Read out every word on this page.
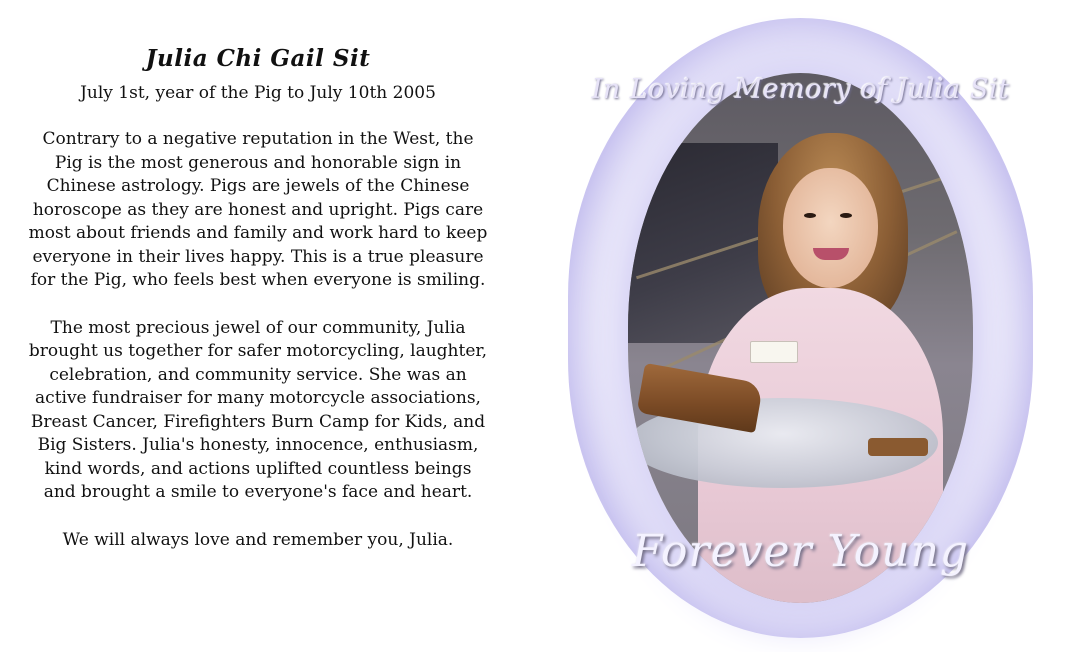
Julia Chi Gail Sit

July 1st, year of the Pig to July 10th 2005

Contrary to a negative reputation in the West, the Pig is the most generous and honorable sign in Chinese astrology. Pigs are jewels of the Chinese horoscope as they are honest and upright. Pigs care most about friends and family and work hard to keep everyone in their lives happy. This is a true pleasure for the Pig, who feels best when everyone is smiling.

The most precious jewel of our community, Julia brought us together for safer motorcycling, laughter, celebration, and community service. She was an active fundraiser for many motorcycle associations, Breast Cancer, Firefighters Burn Camp for Kids, and Big Sisters. Julia's honesty, innocence, enthusiasm, kind words, and actions uplifted countless beings and brought a smile to everyone's face and heart.

We will always love and remember you, Julia.

In Loving Memory of Julia Sit
Forever Young
